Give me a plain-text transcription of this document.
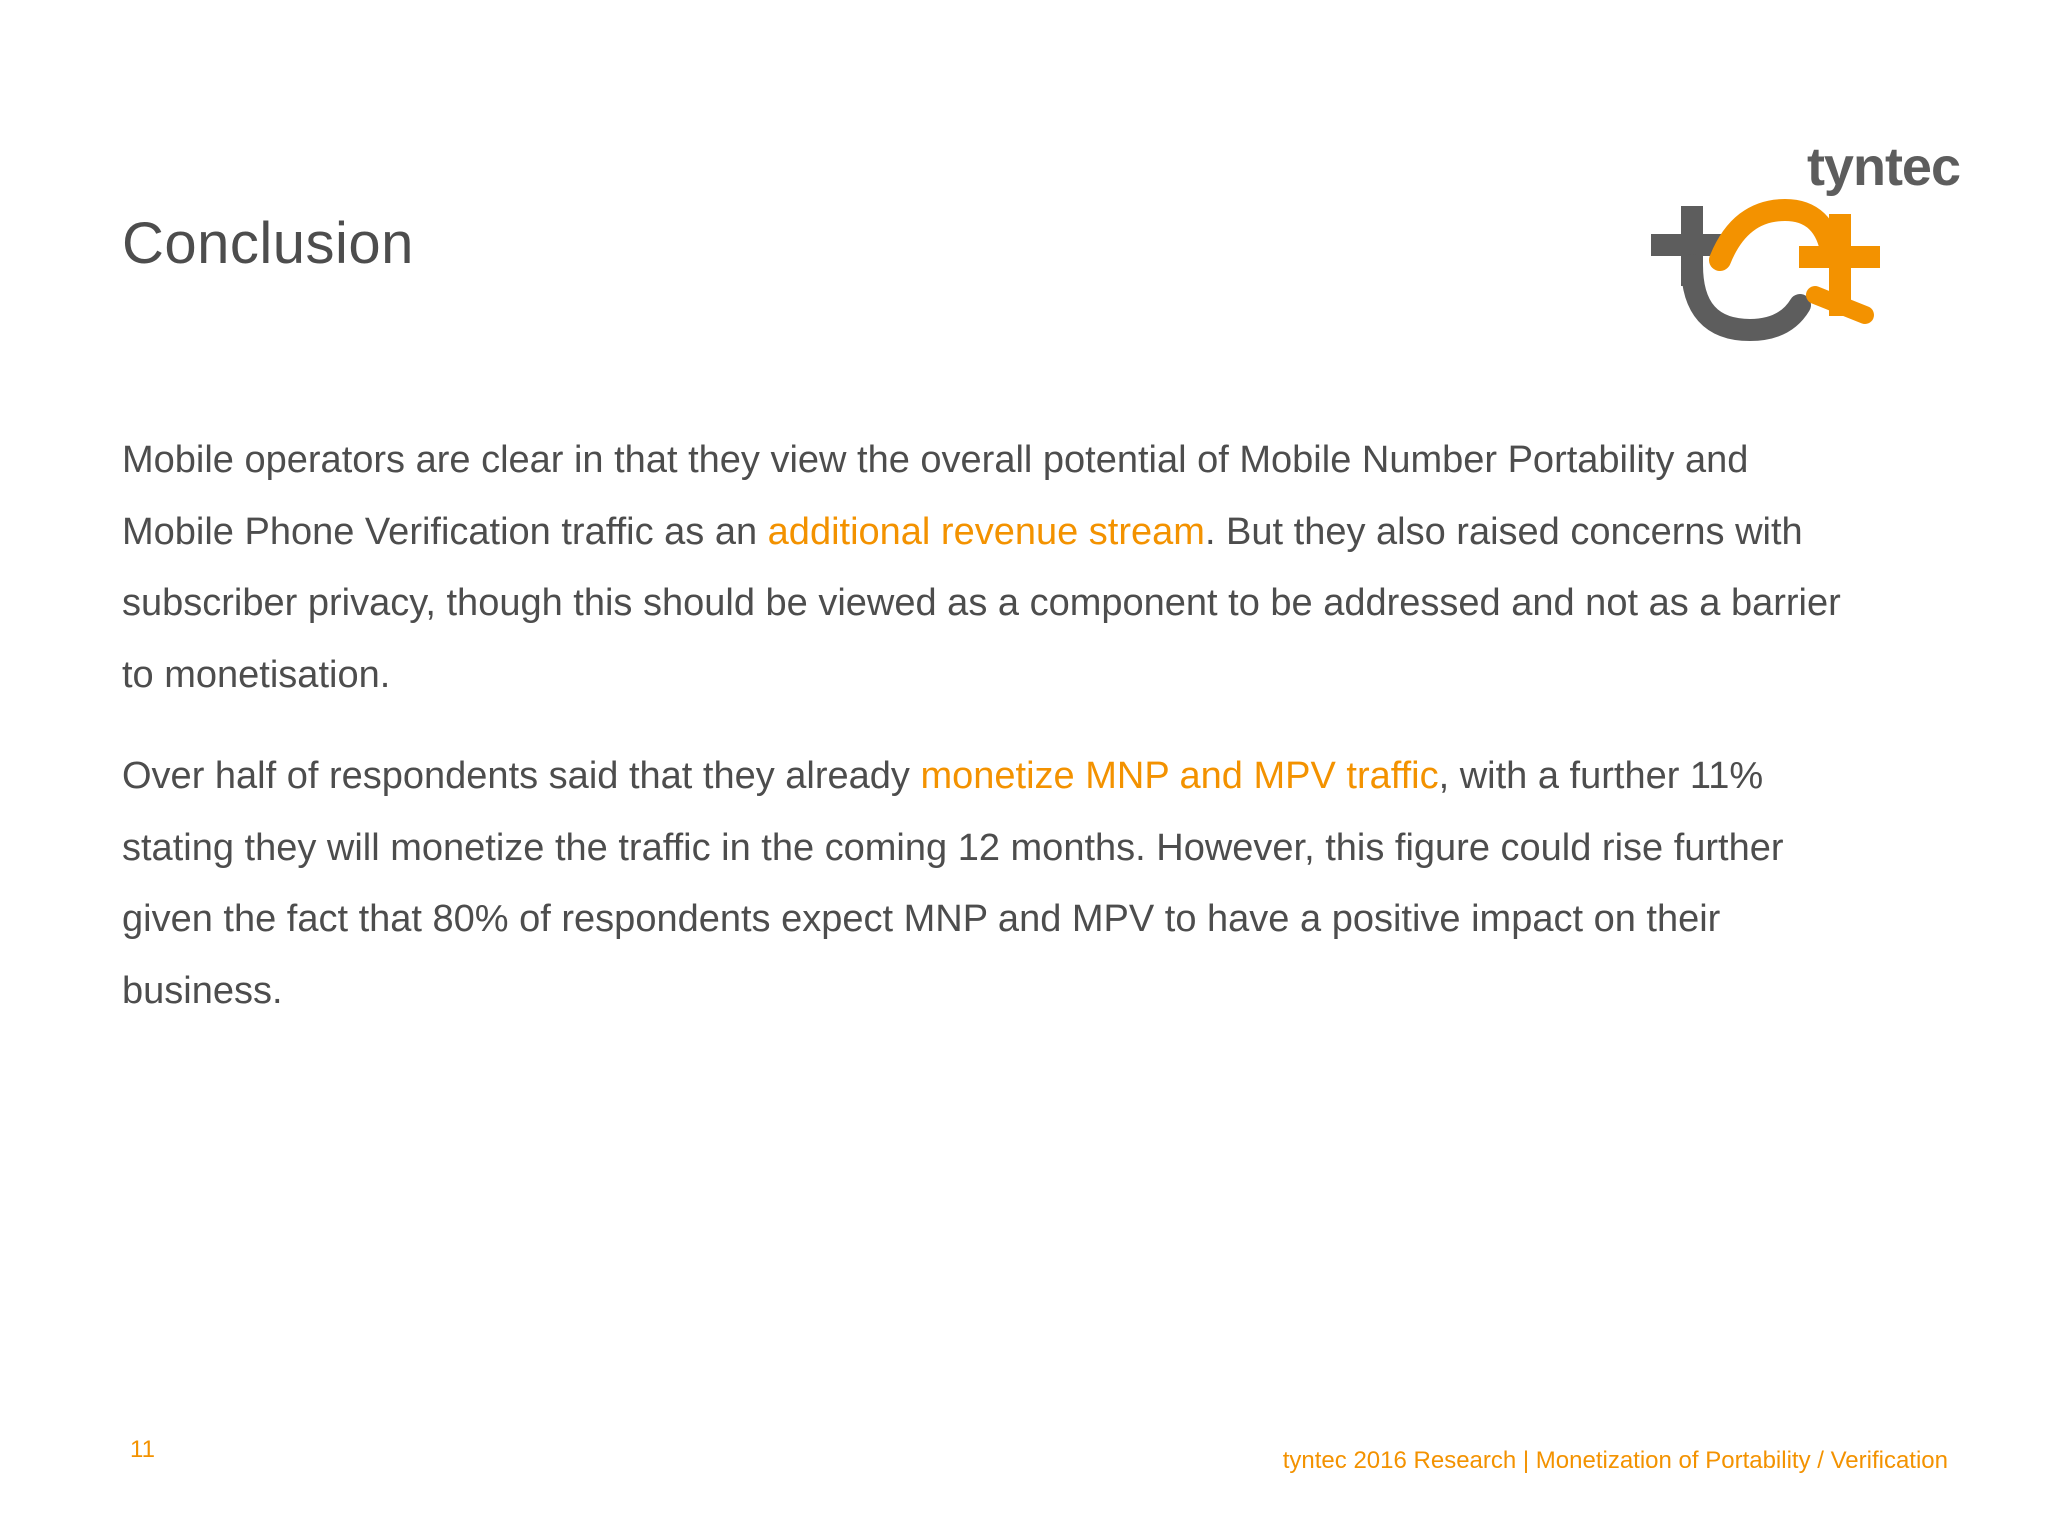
Conclusion
tyntec

Mobile operators are clear in that they view the overall potential of Mobile Number Portability and Mobile Phone Verification traffic as an additional revenue stream. But they also raised concerns with subscriber privacy, though this should be viewed as a component to be addressed and not as a barrier to monetisation.

Over half of respondents said that they already monetize MNP and MPV traffic, with a further 11% stating they will monetize the traffic in the coming 12 months. However, this figure could rise further given the fact that 80% of respondents expect MNP and MPV to have a positive impact on their business.

11	tyntec 2016 Research | Monetization of Portability / Verification
